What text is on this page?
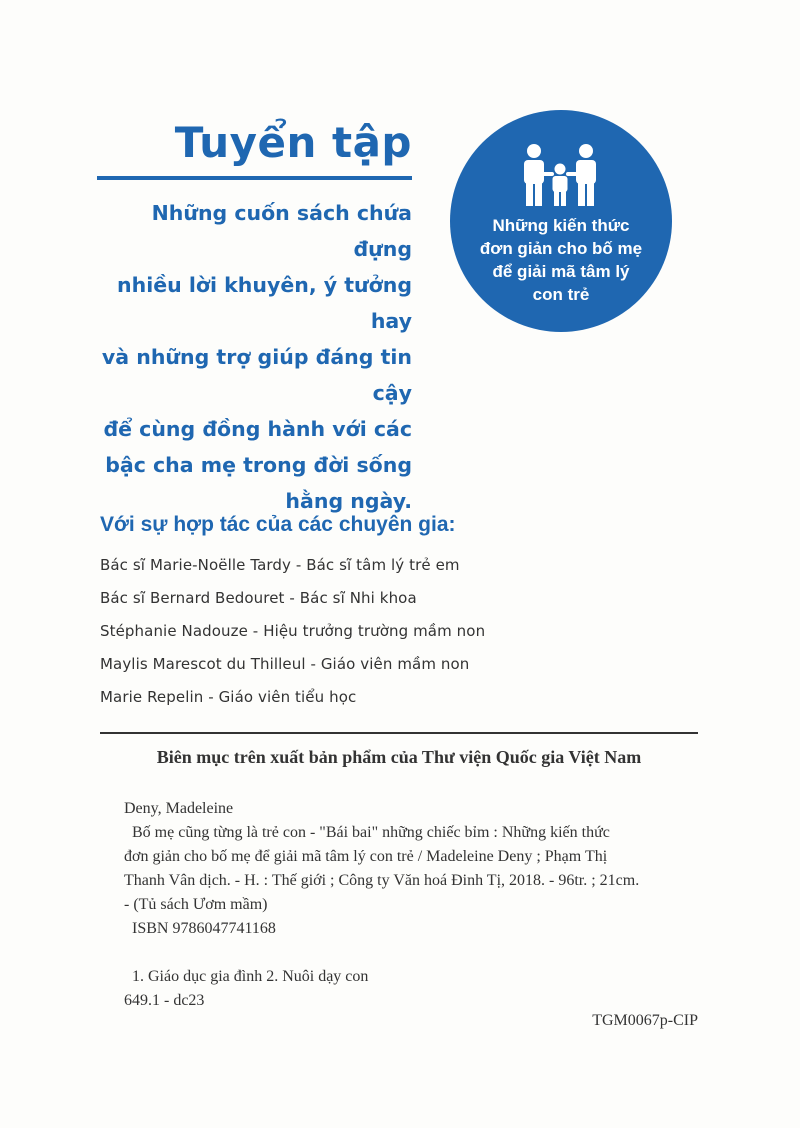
Tuyển tập
Những cuốn sách chứa đựng
nhiều lời khuyên, ý tưởng hay
và những trợ giúp đáng tin cậy
để cùng đồng hành với các
bậc cha mẹ trong đời sống
hằng ngày.
Những kiến thức
đơn giản cho bố mẹ
để giải mã tâm lý
con trẻ
Với sự hợp tác của các chuyên gia:
Bác sĩ Marie-Noëlle Tardy - Bác sĩ tâm lý trẻ em
Bác sĩ Bernard Bedouret - Bác sĩ Nhi khoa
Stéphanie Nadouze - Hiệu trưởng trường mầm non
Maylis Marescot du Thilleul - Giáo viên mầm non
Marie Repelin - Giáo viên tiểu học
Biên mục trên xuất bản phẩm của Thư viện Quốc gia Việt Nam
Deny, Madeleine
Bố mẹ cũng từng là trẻ con - "Bái bai" những chiếc bỉm : Những kiến thức
đơn giản cho bố mẹ để giải mã tâm lý con trẻ / Madeleine Deny ; Phạm Thị
Thanh Vân dịch. - H. : Thế giới ; Công ty Văn hoá Đinh Tị, 2018. - 96tr. ; 21cm.
- (Tủ sách Ươm mầm)
ISBN 9786047741168
1. Giáo dục gia đình 2. Nuôi dạy con
649.1 - dc23
TGM0067p-CIP
